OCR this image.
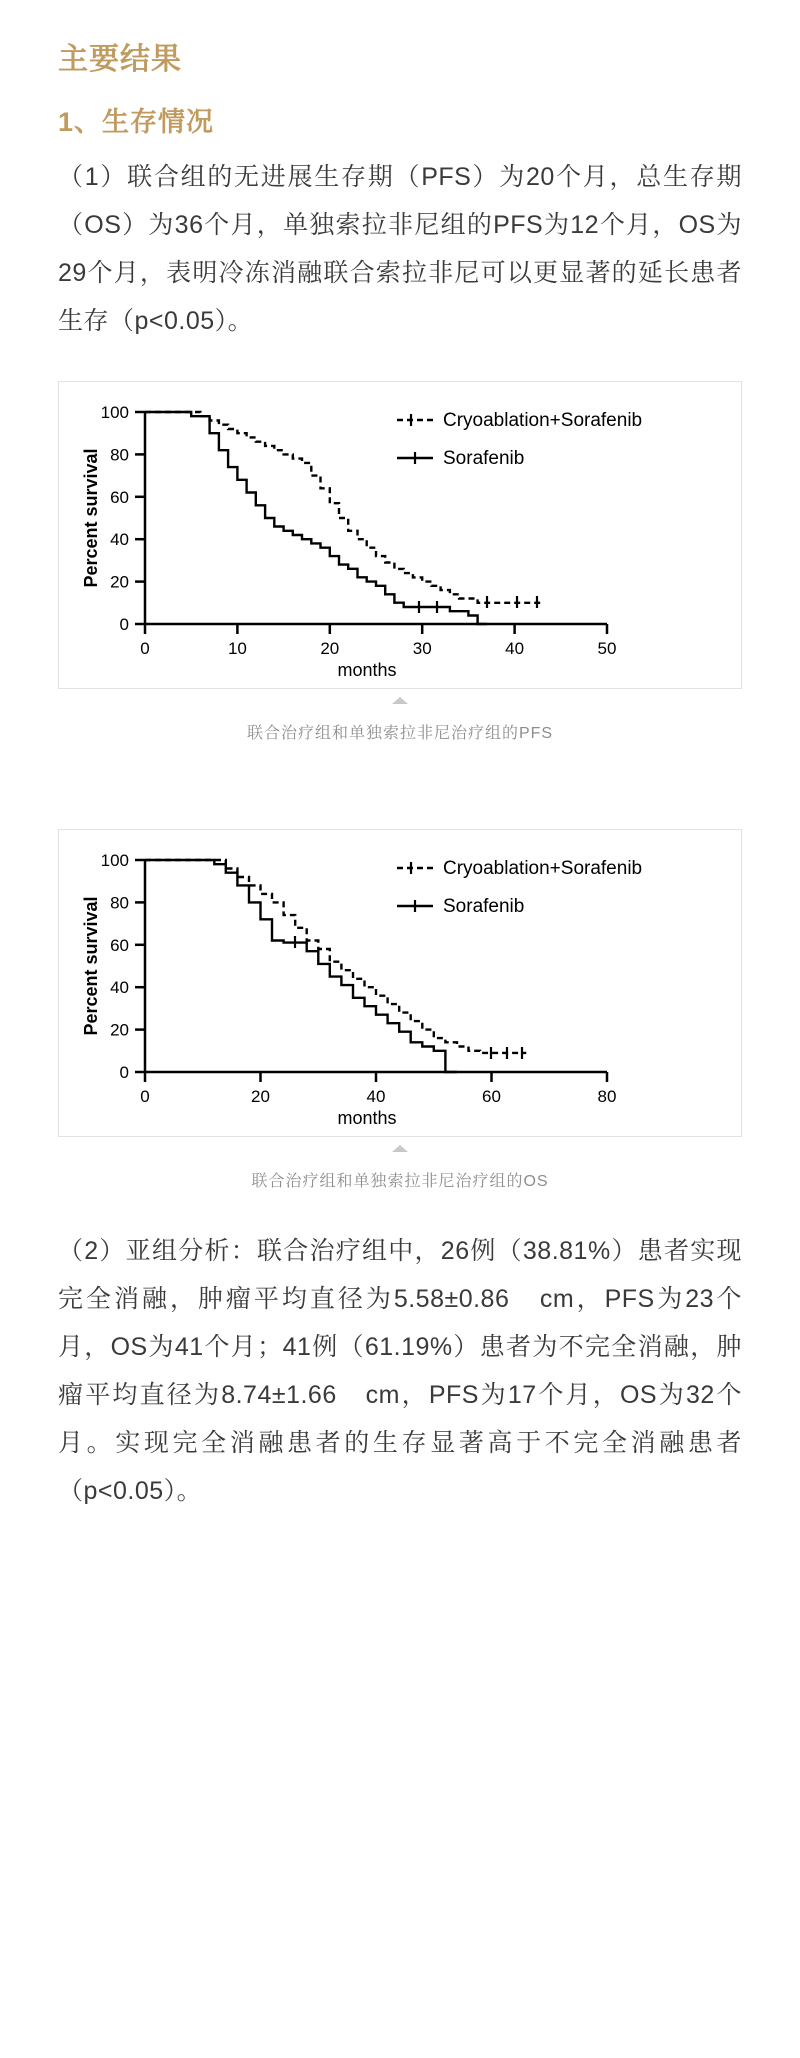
主要结果
1、生存情况

（1）联合组的无进展生存期（PFS）为20个月，总生存期（OS）为36个月，单独索拉非尼组的PFS为12个月，OS为29个月，表明冷冻消融联合索拉非尼可以更显著的延长患者生存（p<0.05）。

0
20
40
60
80
100
0	10	20	30	40	50
months
Percent survival
Cryoablation+Sorafenib
Sorafenib
联合治疗组和单独索拉非尼治疗组的PFS
0
20
40
60
80
100
0	20	40	60	80
months
Percent survival
Cryoablation+Sorafenib
Sorafenib
联合治疗组和单独索拉非尼治疗组的OS

（2）亚组分析：联合治疗组中，26例（38.81%）患者实现完全消融，肿瘤平均直径为5.58±0.86　cm，PFS为23个月，OS为41个月；41例（61.19%）患者为不完全消融，肿瘤平均直径为8.74±1.66　cm，PFS为17个月，OS为32个月。实现完全消融患者的生存显著高于不完全消融患者（p<0.05）。
